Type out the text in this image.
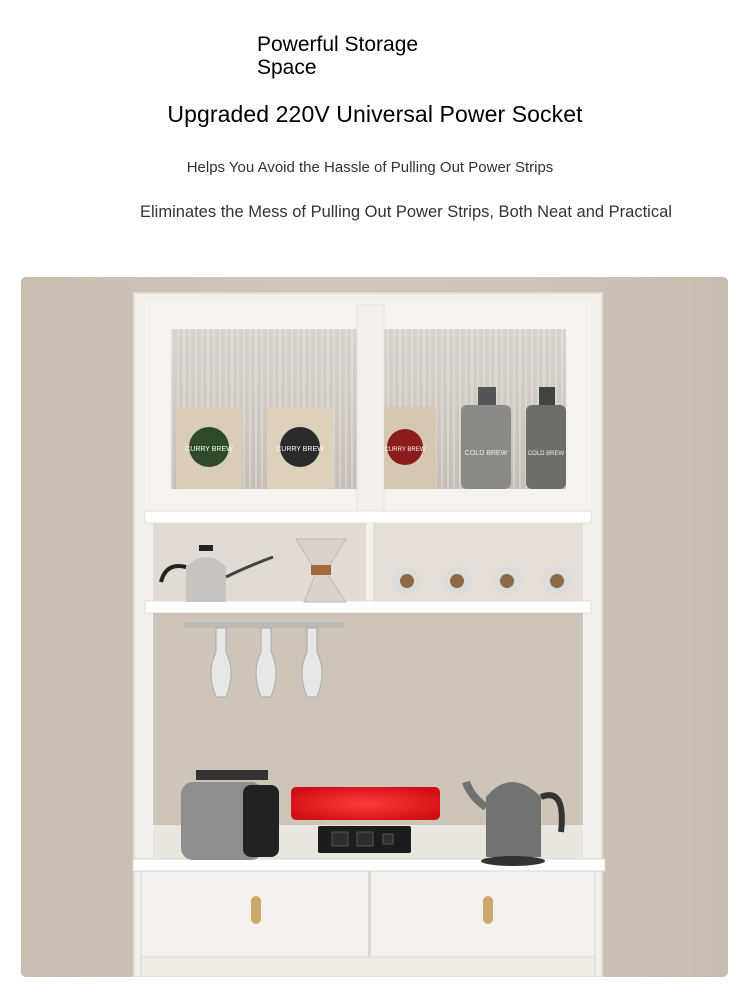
Powerful Storage
Space
Upgraded 220V Universal Power Socket
Helps You Avoid the Hassle of Pulling Out Power Strips
Eliminates the Mess of Pulling Out Power Strips, Both Neat and Practical
CURRY BREW	CURRY BREW	CURRY BREW	COLD BREW	COLD BREW
